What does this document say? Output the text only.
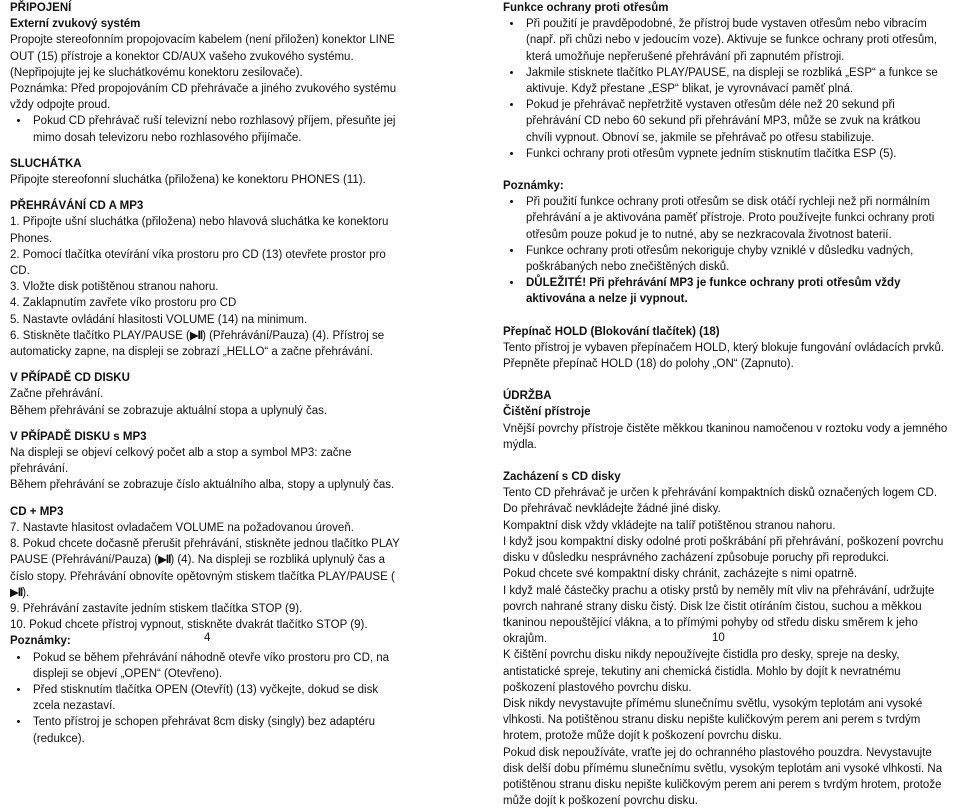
PŘIPOJENÍ

Externí zvukový systém

Propojte stereofonním propojovacím kabelem (není přiložen) konektor LINE OUT (15) přístroje a konektor CD/AUX vašeho zvukového systému. (Nepřipojujte jej ke sluchátkovému konektoru zesilovače).

Poznámka: Před propojováním CD přehrávače a jiného zvukového systému vždy odpojte proud.

• Pokud CD přehrávač ruší televizní nebo rozhlasový příjem, přesuňte jej mimo dosah televizoru nebo rozhlasového přijímače.

SLUCHÁTKA

Připojte stereofonní sluchátka (přiložena) ke konektoru PHONES (11).

PŘEHRÁVÁNÍ CD A MP3

1. Připojte ušní sluchátka (přiložena) nebo hlavová sluchátka ke konektoru Phones.

2. Pomocí tlačítka otevírání víka prostoru pro CD (13) otevřete prostor pro CD.

3. Vložte disk potištěnou stranou nahoru.

4. Zaklapnutím zavřete víko prostoru pro CD

5. Nastavte ovládání hlasitosti VOLUME (14) na minimum.

6. Stiskněte tlačítko PLAY/PAUSE (▶II) (Přehrávání/Pauza) (4). Přístroj se automaticky zapne, na displeji se zobrazí „HELLO“ a začne přehrávání.

V PŘÍPADĚ CD DISKU

Začne přehrávání.

Během přehrávání se zobrazuje aktuální stopa a uplynulý čas.

V PŘÍPADĚ DISKU s MP3

Na displeji se objeví celkový počet alb a stop a symbol MP3: začne přehrávání.

Během přehrávání se zobrazuje číslo aktuálního alba, stopy a uplynulý čas.

CD + MP3

7. Nastavte hlasitost ovladačem VOLUME na požadovanou úroveň.

8. Pokud chcete dočasně přerušit přehrávání, stiskněte jednou tlačítko PLAY PAUSE (Přehrávání/Pauza) (▶II) (4). Na displeji se rozbliká uplynulý čas a číslo stopy. Přehrávání obnovíte opětovným stiskem tlačítka PLAY/PAUSE (▶II).

9. Přehrávání zastavíte jedním stiskem tlačítka STOP (9).

10. Pokud chcete přístroj vypnout, stiskněte dvakrát tlačítko STOP (9).

Poznámky:

• Pokud se během přehrávání náhodně otevře víko prostoru pro CD, na displeji se objeví „OPEN“ (Otevřeno).
• Před stisknutím tlačítka OPEN (Otevřít) (13) vyčkejte, dokud se disk zcela nezastaví.
• Tento přístroj je schopen přehrávat 8cm disky (singly) bez adaptéru (redukce).

Funkce ochrany proti otřesům

• Při použití je pravděpodobné, že přístroj bude vystaven otřesům nebo vibracím (např. při chůzi nebo v jedoucím voze). Aktivuje se funkce ochrany proti otřesům, která umožňuje nepřerušené přehrávání při zapnutém přístroji.
• Jakmile stisknete tlačítko PLAY/PAUSE, na displeji se rozbliká „ESP“ a funkce se aktivuje. Když přestane „ESP“ blikat, je vyrovnávací paměť plná.
• Pokud je přehrávač nepřetržitě vystaven otřesům déle než 20 sekund při přehrávání CD nebo 60 sekund při přehrávání MP3, může se zvuk na krátkou chvíli vypnout. Obnoví se, jakmile se přehrávač po otřesu stabilizuje.
• Funkci ochrany proti otřesům vypnete jedním stisknutím tlačítka ESP (5).

Poznámky:

• Při použití funkce ochrany proti otřesům se disk otáčí rychleji než při normálním přehrávání a je aktivována paměť přístroje. Proto používejte funkci ochrany proti otřesům pouze pokud je to nutné, aby se nezkracovala životnost baterií.
• Funkce ochrany proti otřesům nekoriguje chyby vzniklé v důsledku vadných, poškrábaných nebo znečištěných disků.
• DŮLEŽITÉ! Při přehrávání MP3 je funkce ochrany proti otřesům vždy aktivována a nelze ji vypnout.

Přepínač HOLD (Blokování tlačítek) (18)

Tento přístroj je vybaven přepínačem HOLD, který blokuje fungování ovládacích prvků. Přepněte přepínač HOLD (18) do polohy „ON“ (Zapnuto).

ÚDRŽBA

Čištění přístroje

Vnější povrchy přístroje čistěte měkkou tkaninou namočenou v roztoku vody a jemného mýdla.

Zacházení s CD disky

Tento CD přehrávač je určen k přehrávání kompaktních disků označených logem CD. Do přehrávač nevkládejte žádné jiné disky.

Kompaktní disk vždy vkládejte na talíř potištěnou stranou nahoru.

I když jsou kompaktní disky odolné proti poškrábání při přehrávání, poškození povrchu disku v důsledku nesprávného zacházení způsobuje poruchy při reprodukci.

Pokud chcete své kompaktní disky chránit, zacházejte s nimi opatrně.

I když malé částečky prachu a otisky prstů by neměly mít vliv na přehrávání, udržujte povrch nahrané strany disku čistý. Disk lze čistit otíráním čistou, suchou a měkkou tkaninou nepouštějící vlákna, a to přímými pohyby od středu disku směrem k jeho okrajům.

K čištění povrchu disku nikdy nepoužívejte čistidla pro desky, spreje na desky, antistatické spreje, tekutiny ani chemická čistidla. Mohlo by dojít k nevratnému poškození plastového povrchu disku.

Disk nikdy nevystavujte přímému slunečnímu světlu, vysokým teplotám ani vysoké vlhkosti. Na potištěnou stranu disku nepište kuličkovým perem ani perem s tvrdým hrotem, protože může dojít k poškození povrchu disku.

Pokud disk nepoužíváte, vraťte jej do ochranného plastového pouzdra. Nevystavujte disk delší dobu přímému slunečnímu světlu, vysokým teplotám ani vysoké vlhkosti. Na potištěnou stranu disku nepište kuličkovým perem ani perem s tvrdým hrotem, protože může dojít k poškození povrchu disku.

4	10
